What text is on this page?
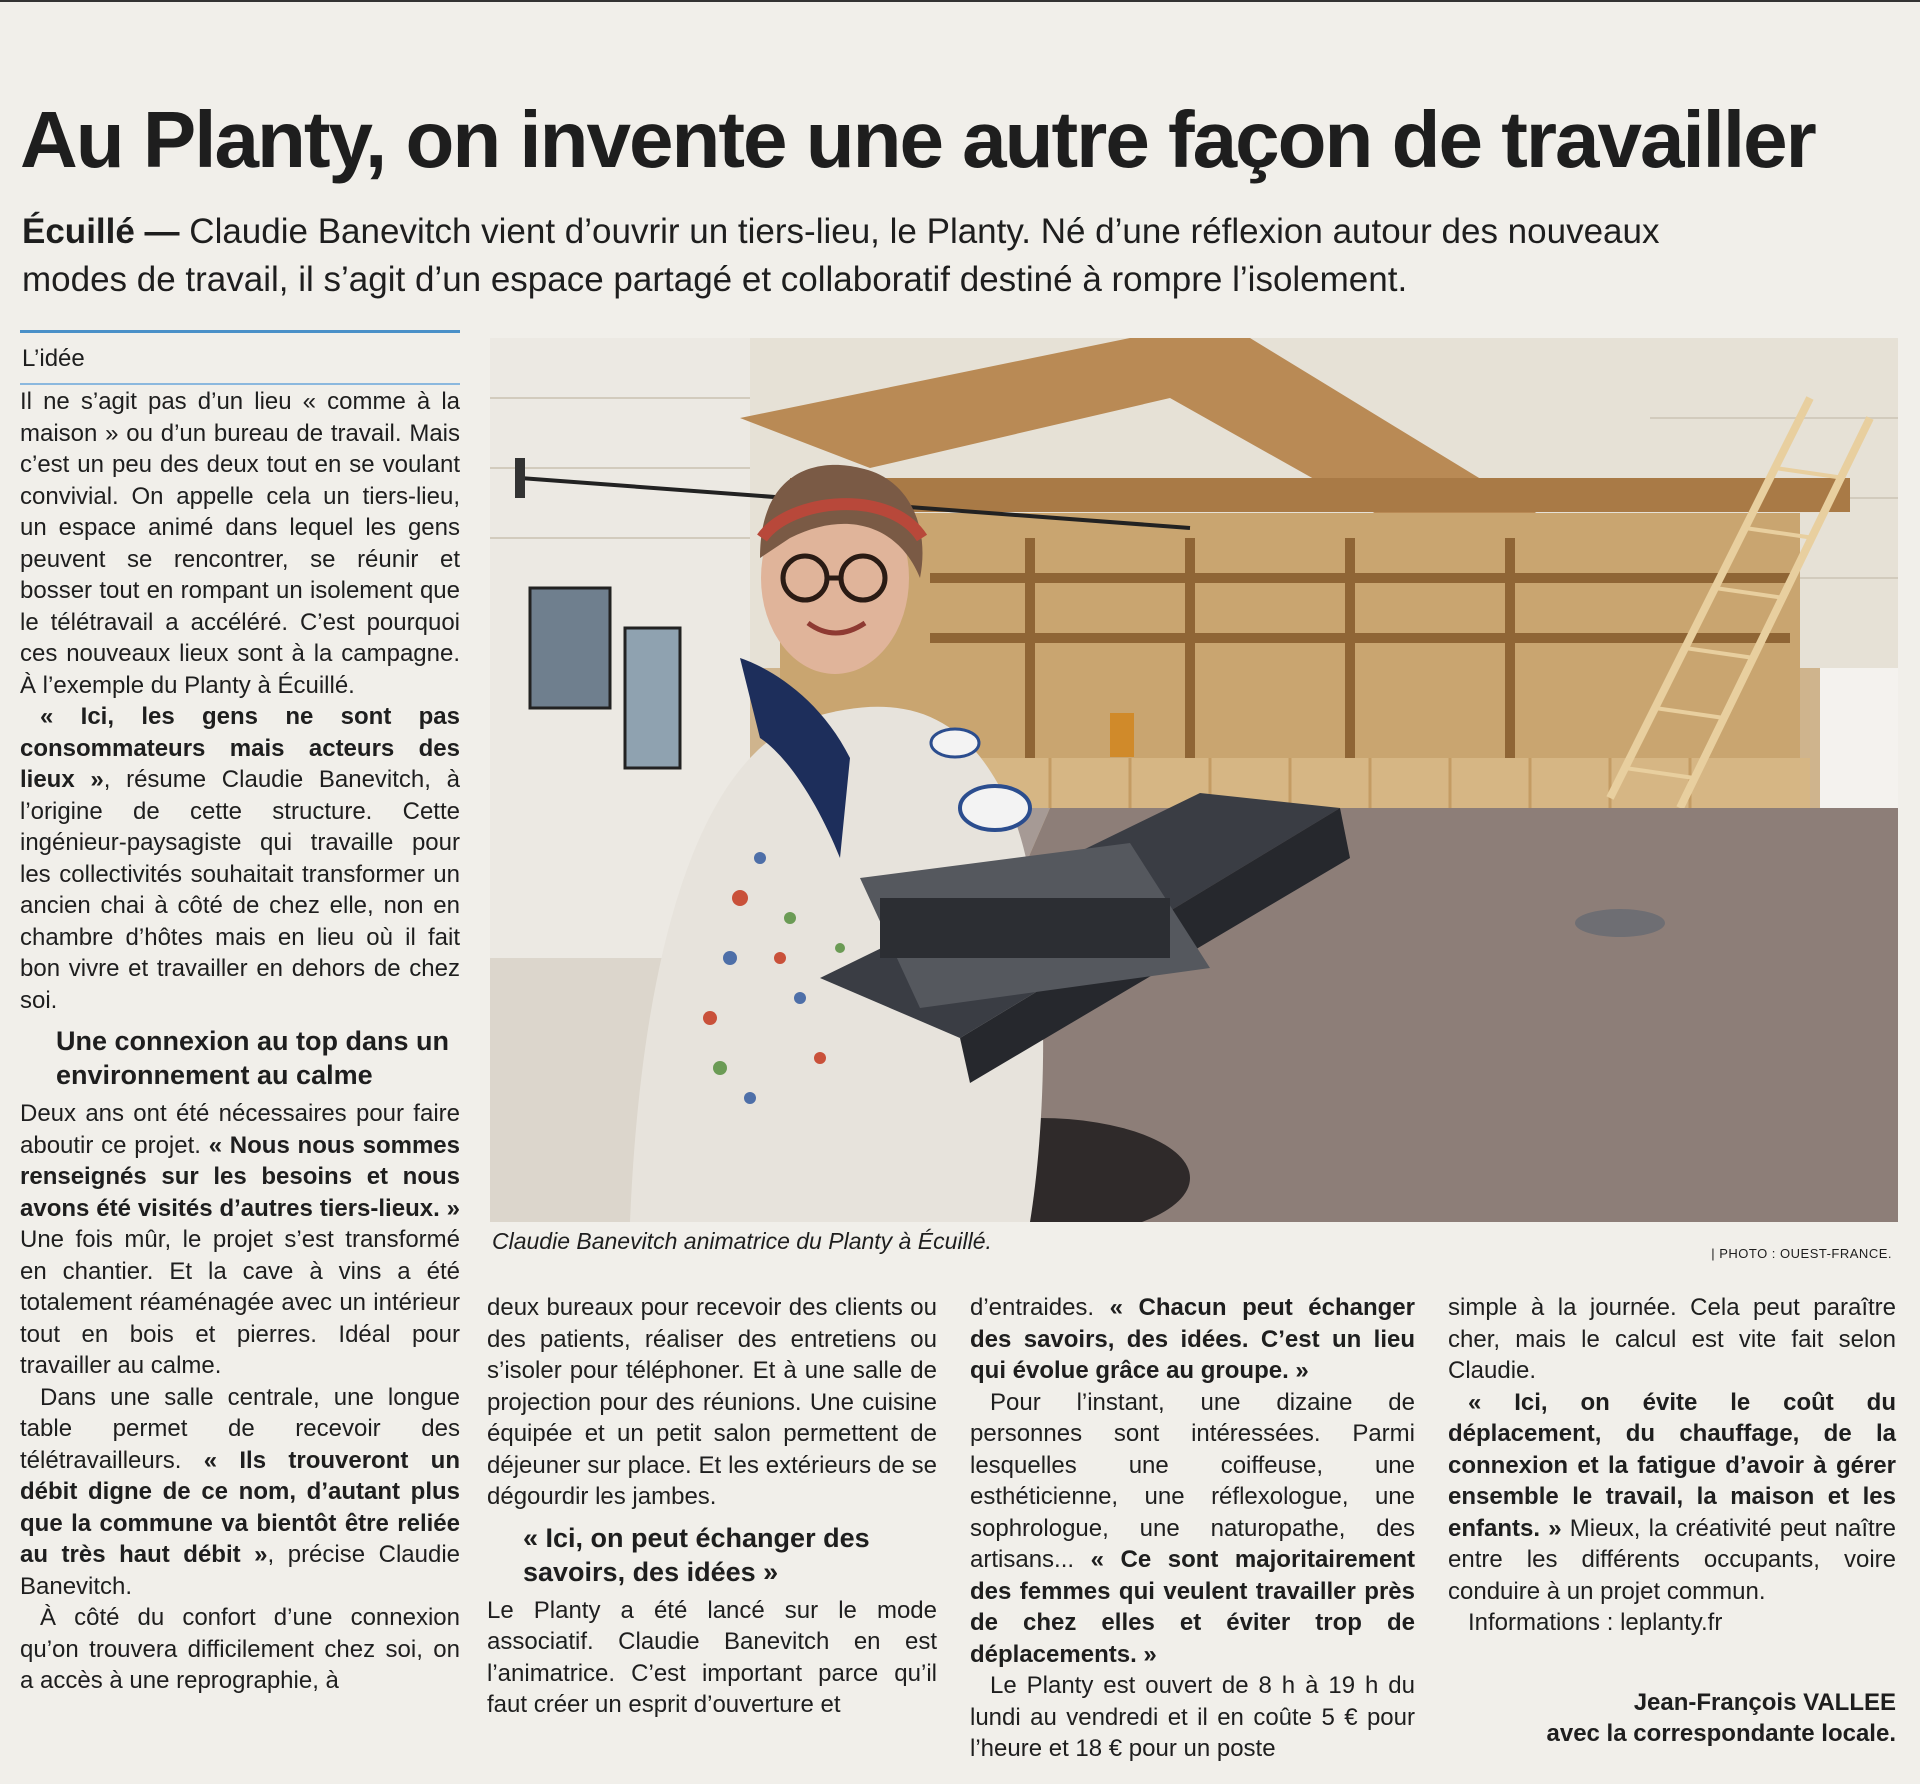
Au Planty, on invente une autre façon de travailler

Écuillé — Claudie Banevitch vient d’ouvrir un tiers-lieu, le Planty. Né d’une réflexion autour des nouveaux modes de travail, il s’agit d’un espace partagé et collaboratif destiné à rompre l’isolement.

L’idée

Il ne s’agit pas d’un lieu « comme à la maison » ou d’un bureau de travail. Mais c’est un peu des deux tout en se voulant convivial. On appelle cela un tiers-lieu, un espace animé dans lequel les gens peuvent se rencontrer, se réunir et bosser tout en rompant un isolement que le télétravail a accéléré. C’est pourquoi ces nouveaux lieux sont à la campagne. À l’exemple du Planty à Écuillé.

« Ici, les gens ne sont pas consommateurs mais acteurs des lieux », résume Claudie Banevitch, à l’origine de cette structure. Cette ingénieur-paysagiste qui travaille pour les collectivités souhaitait transformer un ancien chai à côté de chez elle, non en chambre d’hôtes mais en lieu où il fait bon vivre et travailler en dehors de chez soi.

Une connexion au top dans un environnement au calme

Deux ans ont été nécessaires pour faire aboutir ce projet. « Nous nous sommes renseignés sur les besoins et nous avons été visités d’autres tiers-lieux. » Une fois mûr, le projet s’est transformé en chantier. Et la cave à vins a été totalement réaménagée avec un intérieur tout en bois et pierres. Idéal pour travailler au calme.

Dans une salle centrale, une longue table permet de recevoir des télétravailleurs. « Ils trouveront un débit digne de ce nom, d’autant plus que la commune va bientôt être reliée au très haut débit », précise Claudie Banevitch.

À côté du confort d’une connexion qu’on trouvera difficilement chez soi, on a accès à une reprographie, à

Claudie Banevitch animatrice du Planty à Écuillé.	| PHOTO : OUEST-FRANCE.

deux bureaux pour recevoir des clients ou des patients, réaliser des entretiens ou s’isoler pour téléphoner. Et à une salle de projection pour des réunions. Une cuisine équipée et un petit salon permettent de déjeuner sur place. Et les extérieurs de se dégourdir les jambes.

« Ici, on peut échanger des savoirs, des idées »

Le Planty a été lancé sur le mode associatif. Claudie Banevitch en est l’animatrice. C’est important parce qu’il faut créer un esprit d’ouverture et

d’entraides. « Chacun peut échanger des savoirs, des idées. C’est un lieu qui évolue grâce au groupe. »

Pour l’instant, une dizaine de personnes sont intéressées. Parmi lesquelles une coiffeuse, une esthéticienne, une réflexologue, une sophrologue, une naturopathe, des artisans... « Ce sont majoritairement des femmes qui veulent travailler près de chez elles et éviter trop de déplacements. »

Le Planty est ouvert de 8 h à 19 h du lundi au vendredi et il en coûte 5 € pour l’heure et 18 € pour un poste

simple à la journée. Cela peut paraître cher, mais le calcul est vite fait selon Claudie.

« Ici, on évite le coût du déplacement, du chauffage, de la connexion et la fatigue d’avoir à gérer ensemble le travail, la maison et les enfants. » Mieux, la créativité peut naître entre les différents occupants, voire conduire à un projet commun.

Informations : leplanty.fr

Jean-François VALLEE

avec la correspondante locale.
